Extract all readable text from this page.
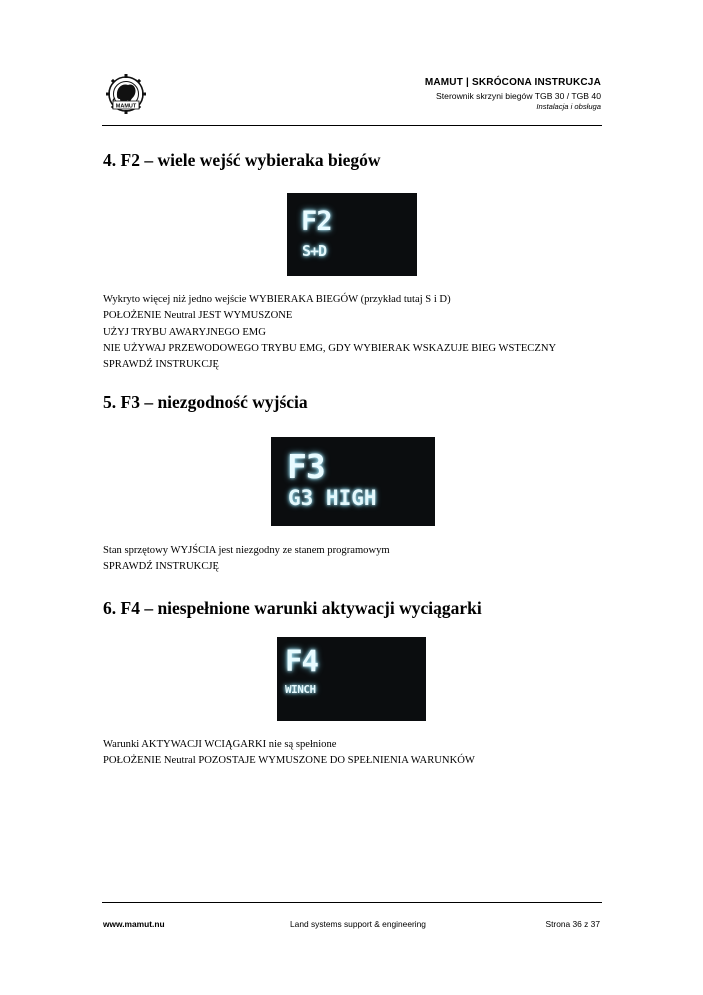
MAMUT
MAMUT | SKRÓCONA INSTRUKCJA
Sterownik skrzyni biegów TGB 30 / TGB 40
Instalacja i obsługa
4. F2 – wiele wejść wybieraka biegów
F2
S+D
Wykryto więcej niż jedno wejście WYBIERAKA BIEGÓW (przykład tutaj S i D)
POŁOŻENIE Neutral JEST WYMUSZONE
UŻYJ TRYBU AWARYJNEGO EMG
NIE UŻYWAJ PRZEWODOWEGO TRYBU EMG, GDY WYBIERAK WSKAZUJE BIEG WSTECZNY
SPRAWDŹ INSTRUKCJĘ
5. F3 – niezgodność wyjścia
F3
G3 HIGH
Stan sprzętowy WYJŚCIA jest niezgodny ze stanem programowym
SPRAWDŹ INSTRUKCJĘ
6. F4 – niespełnione warunki aktywacji wyciągarki
F4
WINCH
Warunki AKTYWACJI WCIĄGARKI nie są spełnione
POŁOŻENIE Neutral POZOSTAJE WYMUSZONE DO SPEŁNIENIA WARUNKÓW
www.mamut.nu	Land systems support & engineering	Strona 36 z 37
